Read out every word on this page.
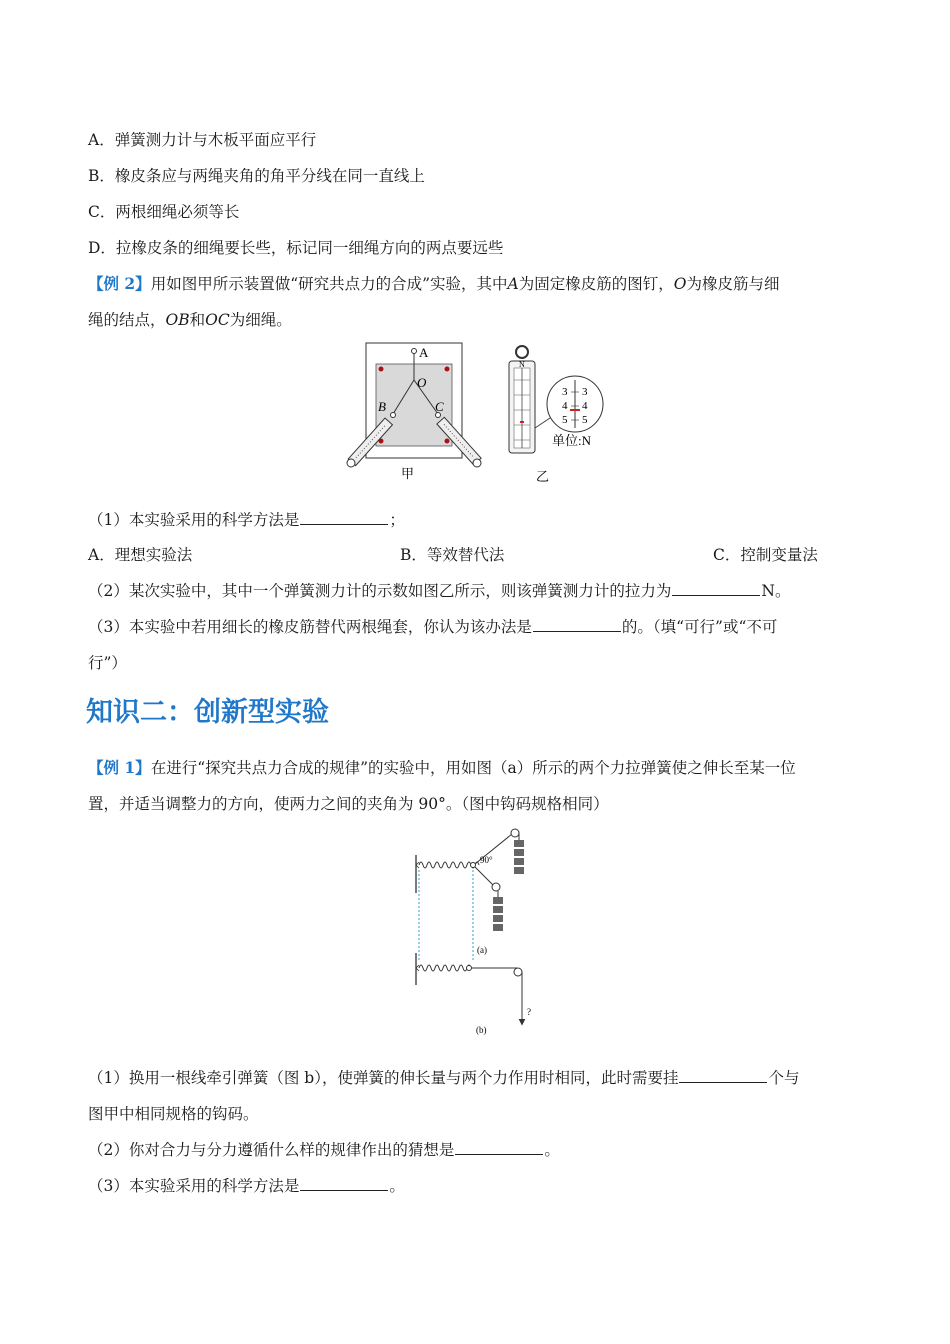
A．弹簧测力计与木板平面应平行
B．橡皮条应与两绳夹角的角平分线在同一直线上
C．两根细绳必须等长
D．拉橡皮条的细绳要长些，标记同一细绳方向的两点要远些
【例 2】用如图甲所示装置做“研究共点力的合成”实验，其中A为固定橡皮筋的图钉，O为橡皮筋与细
绳的结点，OB和OC为细绳。
A
O
B	C
甲
N
3 3
4 4
5 5
单位:N
乙
（1）本实验采用的科学方法是	；
A．理想实验法	B．等效替代法	C．控制变量法
（2）某次实验中，其中一个弹簧测力计的示数如图乙所示，则该弹簧测力计的拉力为	N。
（3）本实验中若用细长的橡皮筋替代两根绳套，你认为该办法是	的。（填“可行”或“不可
行”）
知识二：创新型实验
【例 1】在进行“探究共点力合成的规律”的实验中，用如图（a）所示的两个力拉弹簧使之伸长至某一位
置，并适当调整力的方向，使两力之间的夹角为 90°。（图中钩码规格相同）
90°
(a)
?
(b)
（1）换用一根线牵引弹簧（图 b），使弹簧的伸长量与两个力作用时相同，此时需要挂	个与
图甲中相同规格的钩码。
（2）你对合力与分力遵循什么样的规律作出的猜想是	。
（3）本实验采用的科学方法是	。
